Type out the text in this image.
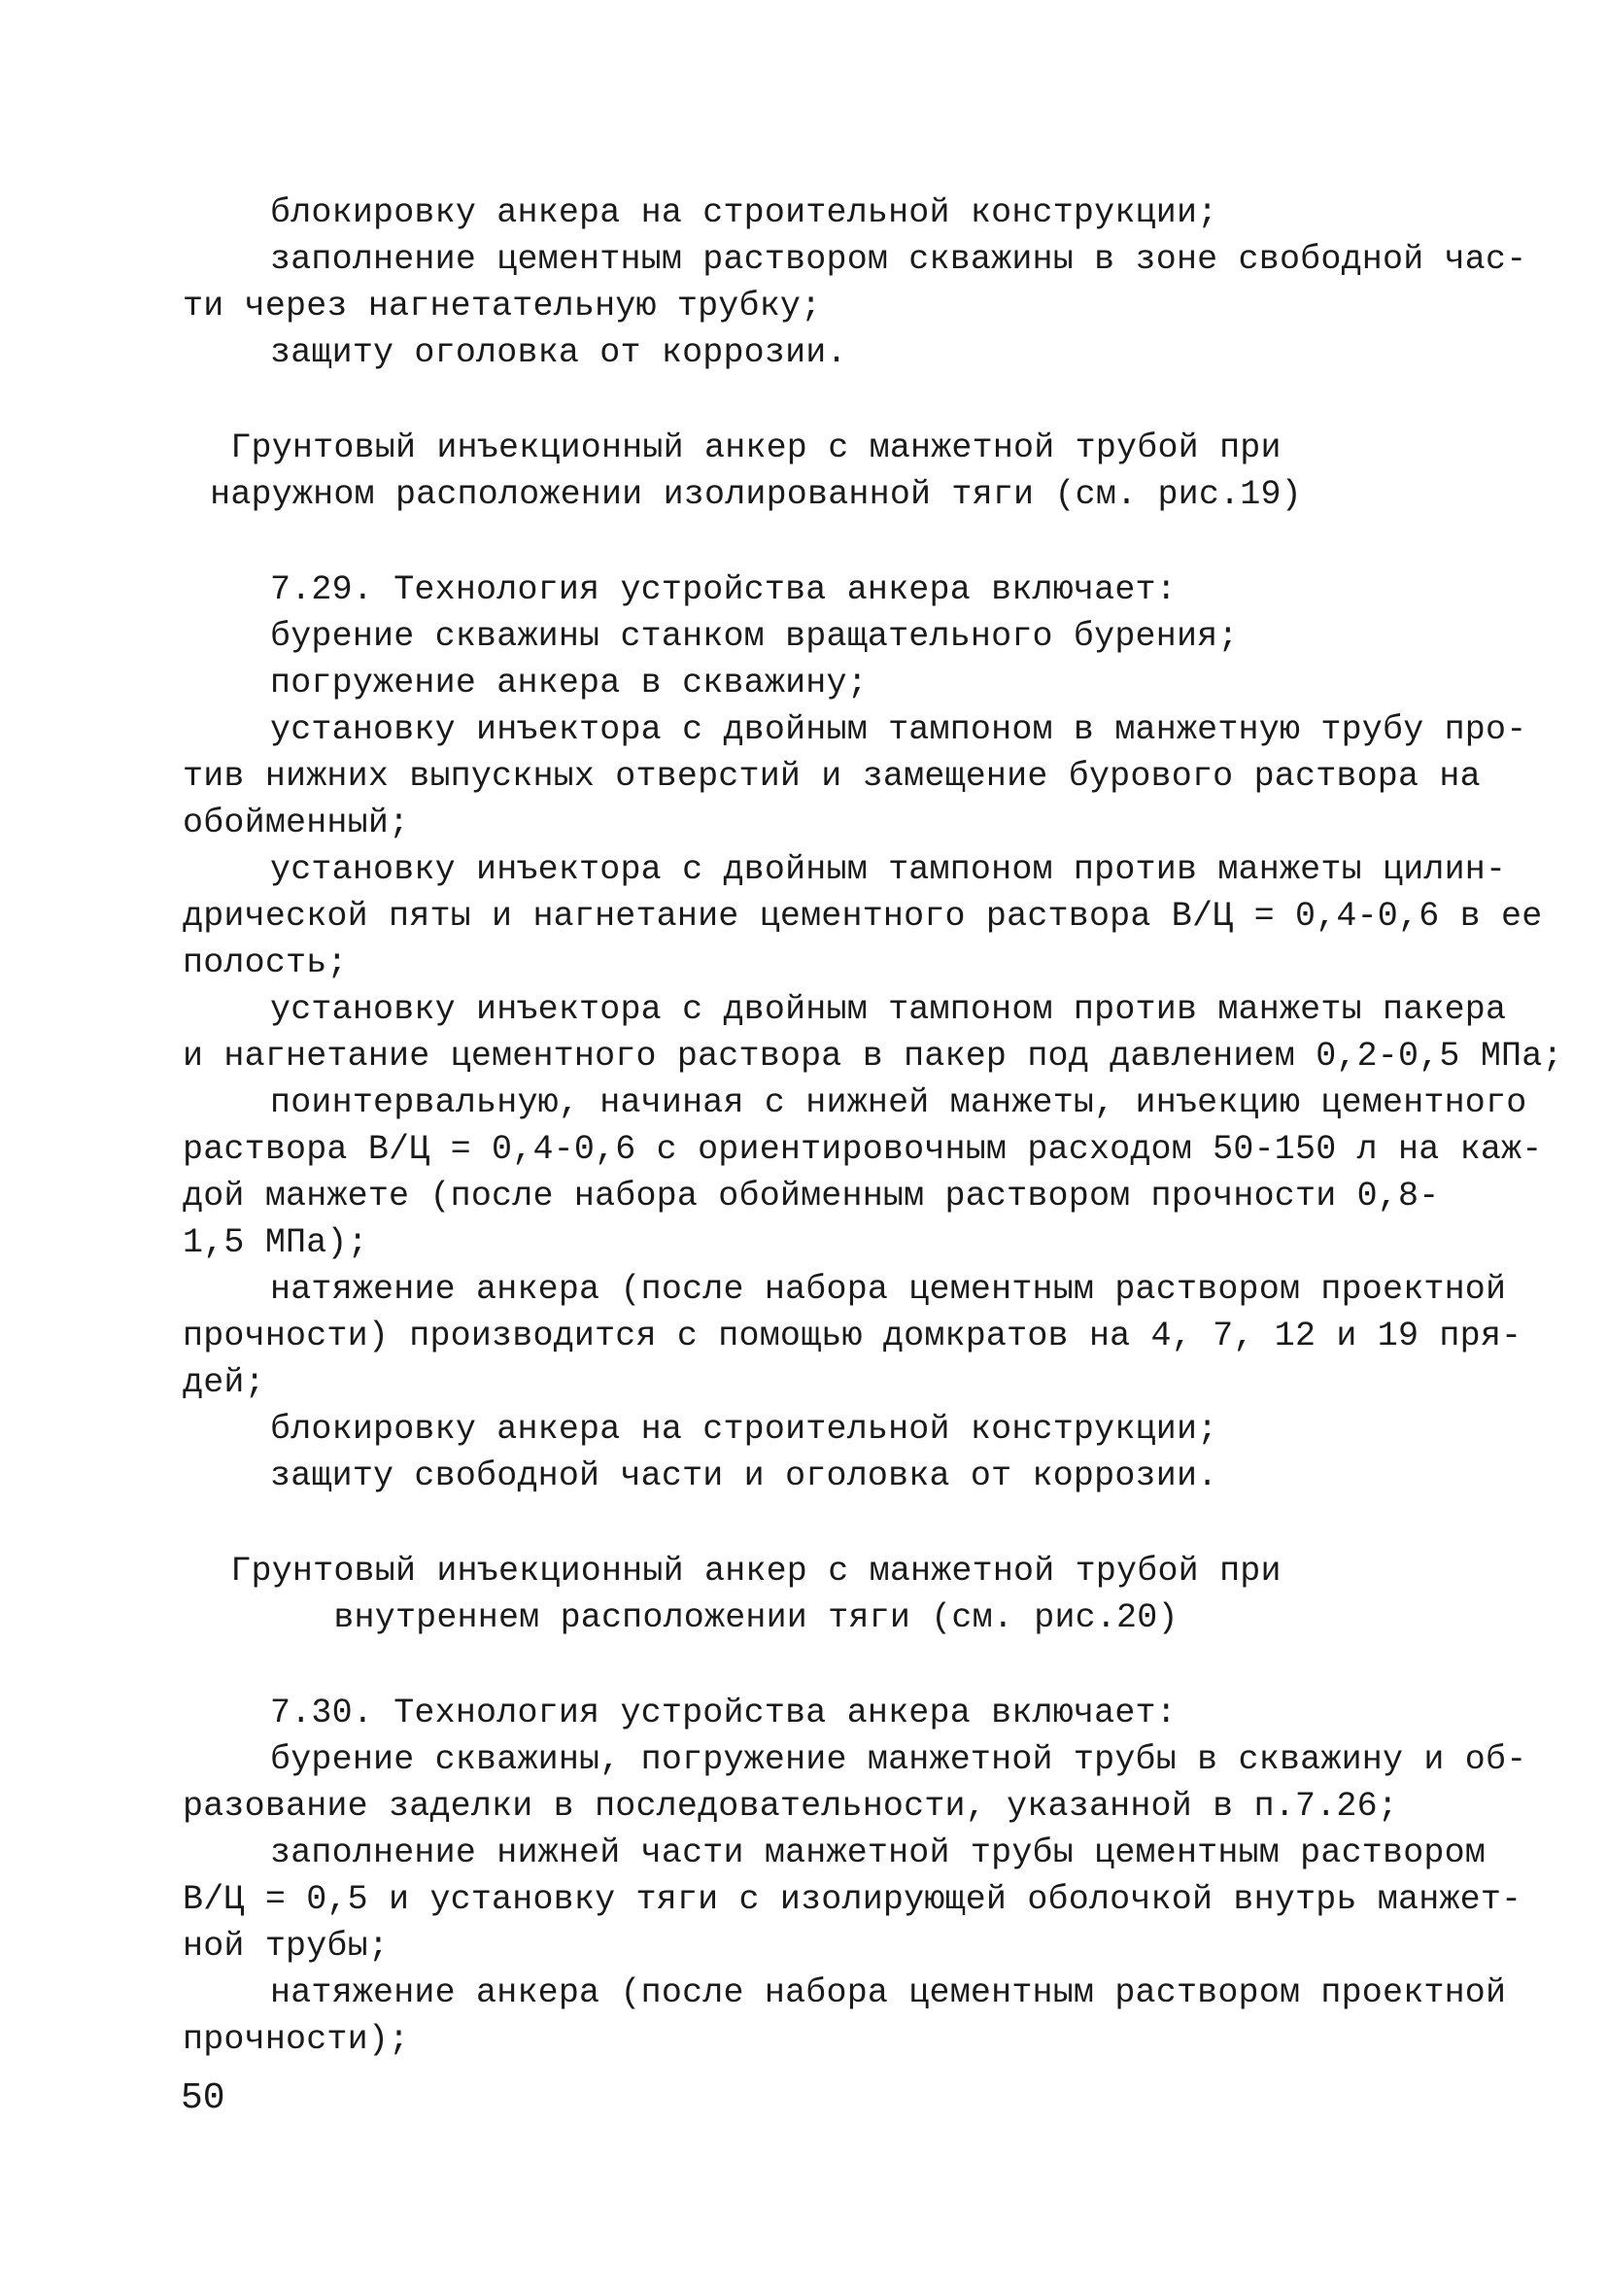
блокировку анкера на строительной конструкции;
заполнение цементным раствором скважины в зоне свободной час-
ти через нагнетательную трубку;
защиту оголовка от коррозии.
Грунтовый инъекционный анкер с манжетной трубой при
наружном расположении изолированной тяги (см. рис.19)
7.29. Технология устройства анкера включает:
бурение скважины станком вращательного бурения;
погружение анкера в скважину;
установку инъектора с двойным тампоном в манжетную трубу про-
тив нижних выпускных отверстий и замещение бурового раствора на
обойменный;
установку инъектора с двойным тампоном против манжеты цилин-
дрической пяты и нагнетание цементного раствора В/Ц = 0,4-0,6 в ее
полость;
установку инъектора с двойным тампоном против манжеты пакера
и нагнетание цементного раствора в пакер под давлением 0,2-0,5 МПа;
поинтервальную, начиная с нижней манжеты, инъекцию цементного
раствора В/Ц = 0,4-0,6 с ориентировочным расходом 50-150 л на каж-
дой манжете (после набора обойменным раствором прочности 0,8-
1,5 МПа);
натяжение анкера (после набора цементным раствором проектной
прочности) производится с помощью домкратов на 4, 7, 12 и 19 пря-
дей;
блокировку анкера на строительной конструкции;
защиту свободной части и оголовка от коррозии.
Грунтовый инъекционный анкер с манжетной трубой при
внутреннем расположении тяги (см. рис.20)
7.30. Технология устройства анкера включает:
бурение скважины, погружение манжетной трубы в скважину и об-
разование заделки в последовательности, указанной в п.7.26;
заполнение нижней части манжетной трубы цементным раствором
В/Ц = 0,5 и установку тяги с изолирующей оболочкой внутрь манжет-
ной трубы;
натяжение анкера (после набора цементным раствором проектной
прочности);
50
